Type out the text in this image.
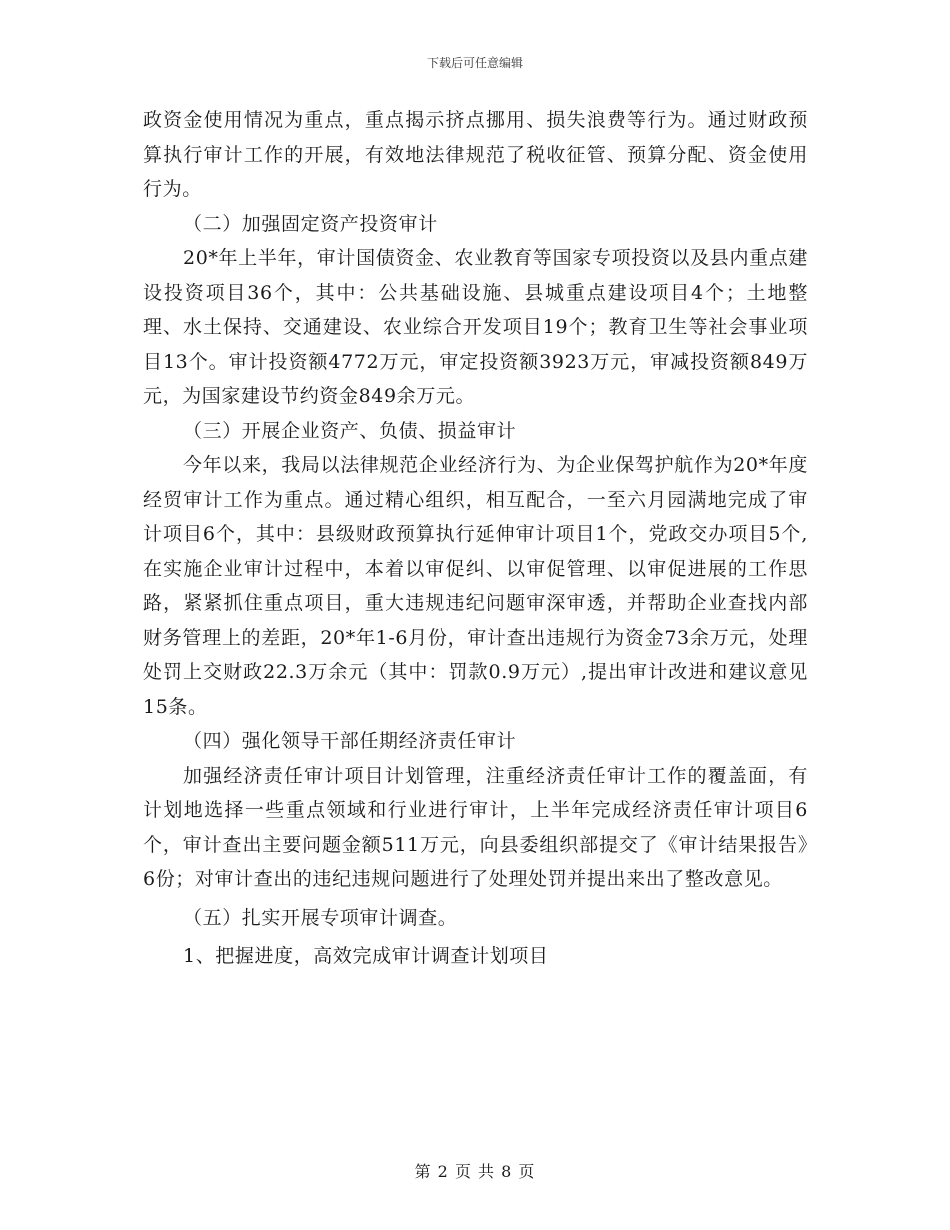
下载后可任意编辑

政资金使用情况为重点，重点揭示挤点挪用、损失浪费等行为。通过财政预算执行审计工作的开展，有效地法律规范了税收征管、预算分配、资金使用行为。

（二）加强固定资产投资审计

20*年上半年，审计国债资金、农业教育等国家专项投资以及县内重点建设投资项目36个，其中：公共基础设施、县城重点建设项目4个；土地整理、水土保持、交通建设、农业综合开发项目19个；教育卫生等社会事业项目13个。审计投资额4772万元，审定投资额3923万元，审减投资额849万元，为国家建设节约资金849余万元。

（三）开展企业资产、负债、损益审计

今年以来，我局以法律规范企业经济行为、为企业保驾护航作为20*年度经贸审计工作为重点。通过精心组织，相互配合，一至六月园满地完成了审计项目6个，其中：县级财政预算执行延伸审计项目1个，党政交办项目5个,在实施企业审计过程中，本着以审促纠、以审促管理、以审促进展的工作思路，紧紧抓住重点项目，重大违规违纪问题审深审透，并帮助企业查找内部财务管理上的差距，20*年1-6月份，审计查出违规行为资金73余万元，处理处罚上交财政22.3万余元（其中：罚款0.9万元）,提出审计改进和建议意见15条。

（四）强化领导干部任期经济责任审计

加强经济责任审计项目计划管理，注重经济责任审计工作的覆盖面，有计划地选择一些重点领域和行业进行审计，上半年完成经济责任审计项目6个，审计查出主要问题金额511万元，向县委组织部提交了《审计结果报告》6份；对审计查出的违纪违规问题进行了处理处罚并提出来出了整改意见。

（五）扎实开展专项审计调查。

1、把握进度，高效完成审计调查计划项目

第 2 页 共 8 页
